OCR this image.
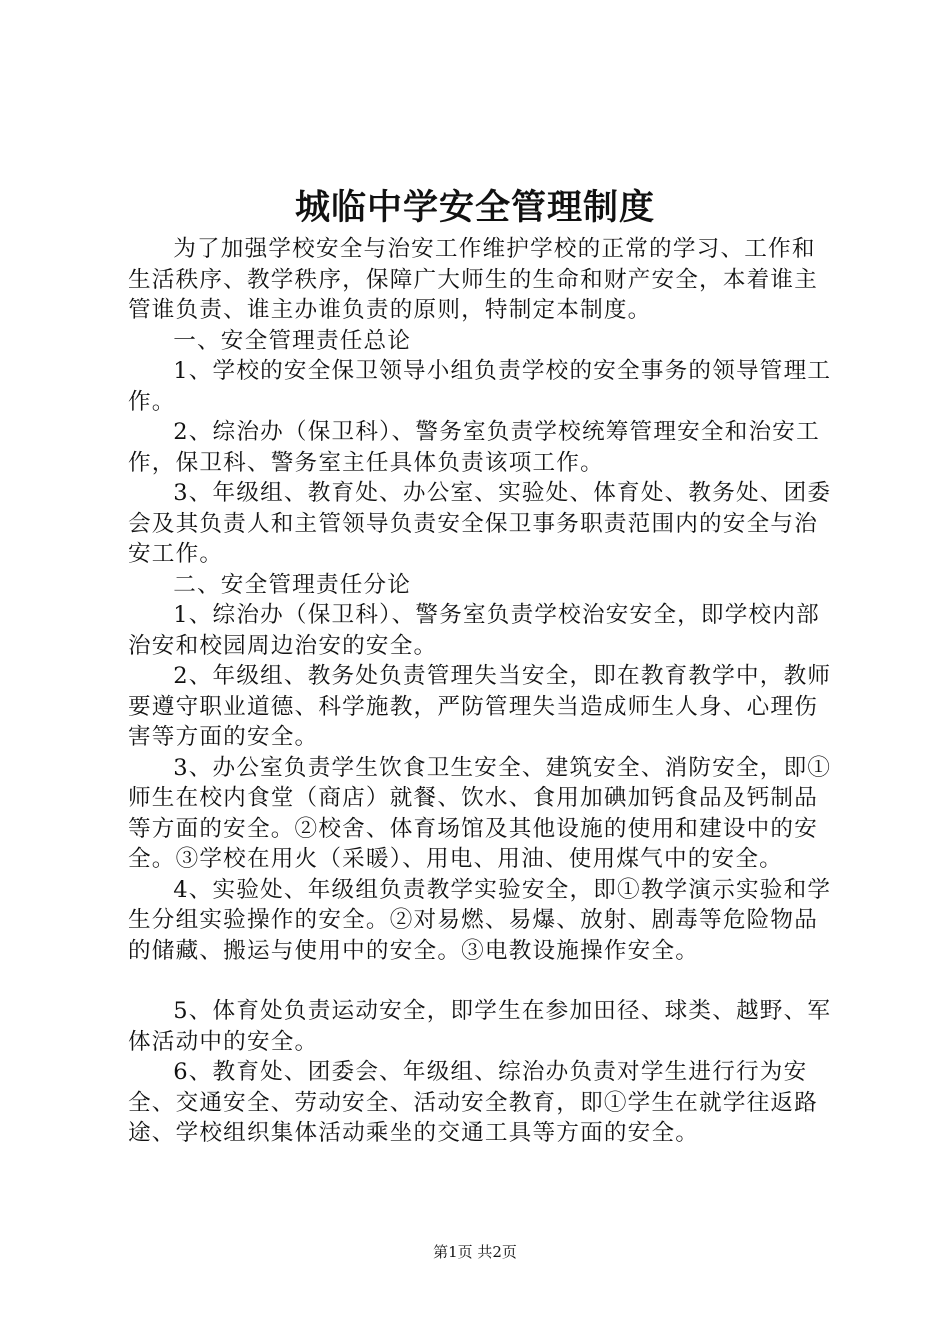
城临中学安全管理制度

为了加强学校安全与治安工作维护学校的正常的学习、工作和生活秩序、教学秩序，保障广大师生的生命和财产安全，本着谁主管谁负责、谁主办谁负责的原则，特制定本制度。

一、安全管理责任总论

1、学校的安全保卫领导小组负责学校的安全事务的领导管理工作。

2、综治办（保卫科）、警务室负责学校统筹管理安全和治安工作，保卫科、警务室主任具体负责该项工作。

3、年级组、教育处、办公室、实验处、体育处、教务处、团委会及其负责人和主管领导负责安全保卫事务职责范围内的安全与治安工作。

二、安全管理责任分论

1、综治办（保卫科）、警务室负责学校治安安全，即学校内部治安和校园周边治安的安全。

2、年级组、教务处负责管理失当安全，即在教育教学中，教师要遵守职业道德、科学施教，严防管理失当造成师生人身、心理伤害等方面的安全。

3、办公室负责学生饮食卫生安全、建筑安全、消防安全，即①师生在校内食堂（商店）就餐、饮水、食用加碘加钙食品及钙制品等方面的安全。②校舍、体育场馆及其他设施的使用和建设中的安全。③学校在用火（采暖）、用电、用油、使用煤气中的安全。

4、实验处、年级组负责教学实验安全，即①教学演示实验和学生分组实验操作的安全。②对易燃、易爆、放射、剧毒等危险物品的储藏、搬运与使用中的安全。③电教设施操作安全。

5、体育处负责运动安全，即学生在参加田径、球类、越野、军体活动中的安全。

6、教育处、团委会、年级组、综治办负责对学生进行行为安全、交通安全、劳动安全、活动安全教育，即①学生在就学往返路途、学校组织集体活动乘坐的交通工具等方面的安全。

第1页 共2页
